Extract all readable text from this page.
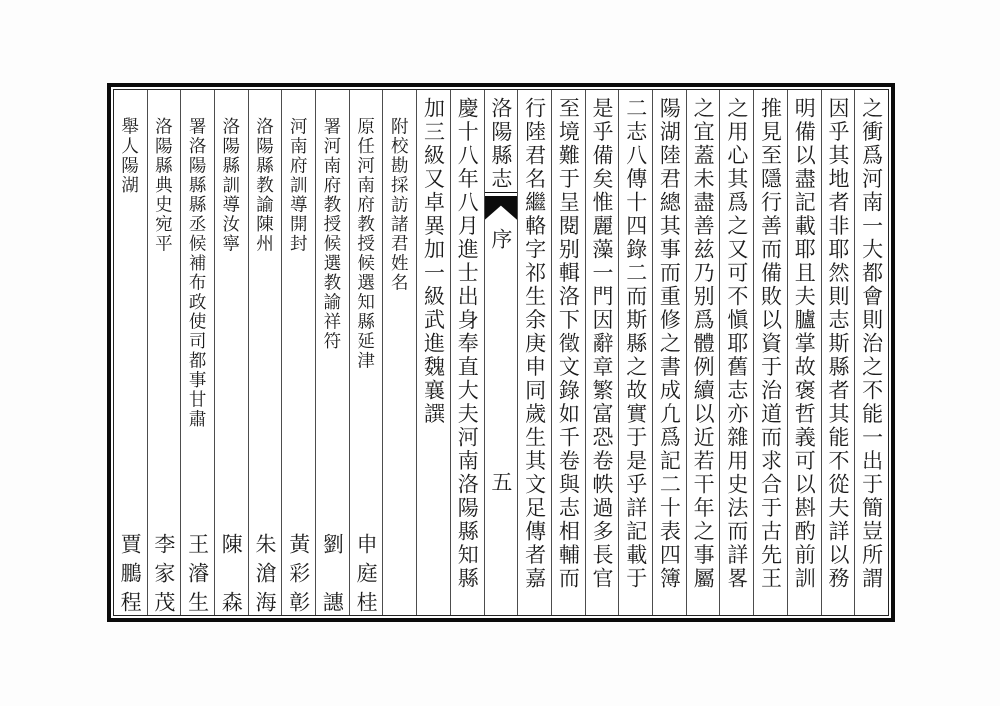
之衝爲河南一大都會則治之不能一出于簡豈所謂
因乎其地者非耶然則志斯縣者其能不從夫詳以務
明備以盡記載耶且夫臚掌故褒哲義可以斟酌前訓
推見至隱行善而備敗以資于治道而求合于古先王
之用心其爲之又可不愼耶舊志亦雜用史法而詳畧
之宜蓋未盡善兹乃别爲體例續以近若干年之事屬
陽湖陸君總其事而重修之書成凢爲記二十表四簿
二志八傳十四錄二而斯縣之故實于是乎詳記載于
是乎備矣惟麗藻一門因辭章繁富恐卷帙過多長官
至境難于呈閱别輯洛下徵文錄如千卷與志相輔而
行陸君名繼輅字祁生余庚申同歲生其文足傳者嘉
洛陽縣志
序
五
慶十八年八月進士出身奉直大夫河南洛陽縣知縣
加三級又卓異加一級武進魏襄譔
附校勘採訪諸君姓名
原任河南府教授候選知縣延津
申庭桂
署河南府教授候選教諭祥符
劉　譓
河南府訓導開封
黃彩彰
洛陽縣教諭陳州
朱滄海
洛陽縣訓導汝寧
陳　森
署洛陽縣縣丞候補布政使司都事甘肅
王濬生
洛陽縣典史宛平
李家茂
舉人陽湖
賈鵬程
